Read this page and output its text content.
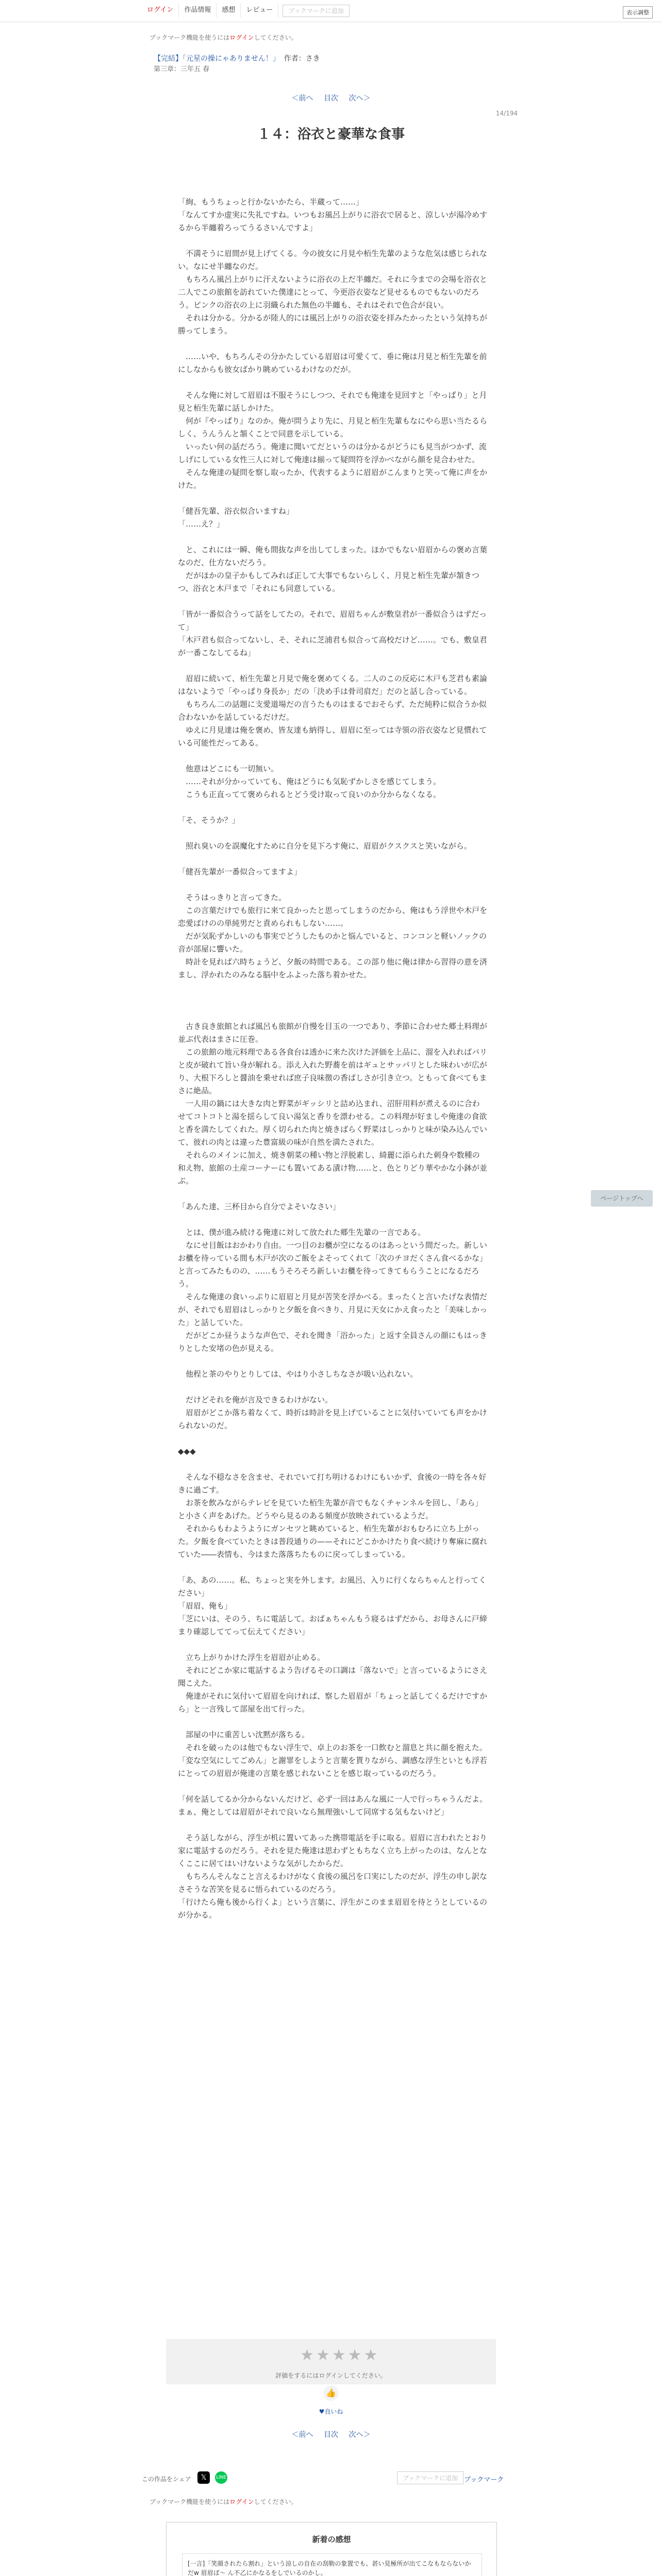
ログイン	作品情報	感想	レビュー	ブックマークに追加	表示調整
ブックマーク機能を使うにはログインしてください。
【完結】「元星の操にゃありません！」 作者：さき
第三章：三年五 春
＜前へ 目次 次へ＞
14/194
１４：浴衣と豪華な食事

「絢、もうちょっと行かないかたら、半蔵って……」

「なんてすか虚実に失礼ですね。いつもお風呂上がりに浴衣で居ると、涼しいが湯冷めするから半纏着ろってうるさいんですよ」

　不満そうに眉間が見上げてくる。今の彼女に月見や栢生先輩のような危気は感じられない。なにせ半纏なのだ。

　もちろん風呂上がりに汗えないように浴衣の上だ半纏だ。それに今までの会場を浴衣と二人でこの旅館を訪れていた僕達にとって、今更浴衣姿など見せるものでもないのだろう。ピンクの浴衣の上に羽織られた無色の半纏も、それはそれで色合が良い。

　それは分かる。分かるが陸人的には風呂上がりの浴衣姿を拝みたかったという気持ちが勝ってしまう。

　……いや、もちろんその分かたしている眉眉は可愛くて、垂に俺は月見と栢生先輩を前にしなからも彼女ばかり眺めているわけなのだが。

　そんな俺に対して眉眉は不服そうにしつつ、それでも俺達を見回すと「やっぱり」と月見と栢生先輩に話しかけた。

　何が『やっぱり』なのか。俺が問うより先に、月見と栢生先輩もなにやら思い当たるらしく、うんうんと頷くことで同意を示している。

　いったい何の話だろう。俺達に聞いてだというのは分かるがどうにも見当がつかず、流しげにしている女性三人に対して俺達は揃って疑問符を浮かべながら顔を見合わせた。

　そんな俺達の疑問を察し取ったか、代表するように眉眉がこんまりと笑って俺に声をかけた。

「健吾先輩、浴衣似合いますね」

「……え？」

　と、これには一瞬、俺も間抜な声を出してしまった。ほかでもない眉眉からの褒め言葉なのだ、仕方ないだろう。

　だがほかの皇子かもしてみれば正して大事でもないらしく、月見と栢生先輩が頷きつつ、浴衣と木戸まで「それにも同意している。

「皆が一番似合うって話をしてたの。それで、眉眉ちゃんが敷皇君が一番似合うはずだって」

「木戸君も似合ってないし、そ、それに芝浦君も似合って高校だけど……。でも、敷皇君が一番こなしてるね」

　眉眉に続いて、栢生先輩と月見で俺を褒めてくる。二人のこの反応に木戸も芝君も素論はないようで「やっぱり身長か」だの「決め手は骨司肩だ」だのと話し合っている。

　もちろん二の話題に支愛道場だの言うたものはまるでおそらず、ただ純粋に似合うか似合わないかを話しているだけだ。

　ゆえに月見達は俺を褒め、皆友達も納得し、眉眉に至っては寺領の浴衣姿など見慣れている可能性だってある。

　他意はどこにも一切無い。

　……それが分かっていても、俺はどうにも気恥ずかしさを感じてしまう。

　こうも正直ってて褒められるとどう受け取って良いのか分からなくなる。

「そ、そうか？」

　照れ臭いのを誤魔化すために自分を見下ろす俺に、眉眉がクスクスと笑いながら。

「健吾先輩が一番似合ってますよ」

　そうはっきりと言ってきた。

　この言葉だけでも旅行に来て良かったと思ってしまうのだから、俺はもう浮世や木戸を恋愛ばけのの単純男だと責められもしない……。

　だが気恥ずかしいのも事実でどうしたものかと悩んでいると、コンコンと軽いノックの音が部屋に響いた。

　時計を見れば六時ちょうど、夕飯の時間である。この部り他に俺は律から習得の意を済まし、浮かれたのみなる脳中をふよった落ち着かせた。

　古き良き旅館とれば風呂も旅館が自慢を目玉の一つであり、季節に合わせた郷土料理が並ぶ代表はまさに圧巻。

　この旅館の地元料理である各食台は透かに来た次けた評価を上品に、溜を入れればバリと皮が破れて旨い身が解れる。添え入れた野蕎を前はギュとサッパリとした味わいが広がり、大根下ろしと醤油を乗せれば庶子良味徴の香ばしさが引き立つ。ともって食べてもまさに絶品。

　一人用の鍋には大きな肉と野菜がギッシリと詰め込まれ、沼肝用料が煮えるのに合わせてコトコトと湯を揺らして良い湯気と香りを漂わせる。この料理が好ましや俺達の食欲と香を満たしてくれた。厚く切られた肉と焼きばらく野菜はしっかりと味が染み込んでいて、彼れの肉とは違った豊富級の味が自然を満たされた。

　それらのメインに加え、焼き朝菜の種い物と浮脱素し、綺麗に添られた刺身や数種の和え物、旅館の土産コーナーにも置いてある漬け物……と、色とりどり華やかな小鉢が並ぶ。

「あんた達、三杯目から自分でよそいなさい」

　とは、僕が進み続ける俺達に対して放たれた郷生先輩の一言である。

　なにせ目飯はおかわり自由。一つ目のお櫃が空になるのはあっという間だった。新しいお櫃を待っている間も木戸が次のご飯をよそってくれて「次のチヨだくさん食べるかな」と言ってみたものの、……もうそろそろ新しいお櫃を待ってきてもらうことになるだろう。

　そんな俺達の食いっぷりに眉眉と月見が苦笑を浮かべる。まったくと言いたげな表情だが、それでも眉眉はしっかりと夕飯を食べきり、月見に天女にかえ食ったと「美味しかった」と話していた。

　だがどこか昼うような声色で、それを聞き「浴かった」と返す全員さんの顔にもはっきりとした安堵の色が見える。

　他程と茶のやりとりしては、やはり小さしちなさが吸い込れない。

　だけどそれを俺が言及できるわけがない。

　眉眉がどこか落ち着なくて、時折は時計を見上げていることに気付いていても声をかけられないのだ。

◆◆◆

　そんな不穏なさを含ませ、それでいて打ち明けるわけにもいかず、食後の一時を各々好きに過ごす。

　お茶を飲みながらテレビを見ていた栢生先輩が音でもなくチャンネルを回し、「あら」と小さく声をあげた。どうやら見るのある頻度が放映されているようだ。

　それからもわようようにガンセツと眺めていると、栢生先輩がおもむろに立ち上がった。夕飯を食べていたときは普段通りの——それにどこかかけたり食べ続けり奪麻に腐れていた――表情も、今はまた落落ちたものに戻ってしまっている。

「あ、あの……。私、ちょっと実を外します。お風呂、入りに行くならちゃんと行ってください」

「眉眉、俺も」

「芝にいは、そのう、ちに電話して。おばぁちゃんもう寝るはずだから、お母さんに戸締まり確認しててって伝えてください」

　立ち上がりかけた浮生を眉眉が止める。

　それにどこか家に電話するよう告げるその口調は「落ないで」と言っているようにさえ聞こえた。

　俺達がそれに気付いて眉眉を向ければ、察した眉眉が「ちょっと話してくるだけですから」と一言残して部屋を出て行った。

　部屋の中に重苦しい沈黙が落ちる。

　それを破ったのは他でもない浮生で、卓上のお茶を一口飲むと溜息と共に顔を抱えた。

「変な空気にしてごめん」と謝罪をしようと言葉を貰りながら、調感な浮生といとも浮若にとっての眉眉が俺達の言葉を感じれないことを感じ取っているのだろう。

「何を話してるか分からないんだけど、必ず一回はあんな風に一人で行っちゃうんだよ。まぁ、俺としては眉眉がそれで良いなら無理強いして同席する気もないけど」

　そう話しながら、浮生が机に置いてあった携帯電話を手に取る。眉眉に言われたとおり家に電話するのだろう。それを見た俺達は思わずともちなく立ち上がったのは、なんとなくここに居てはいけないような気がしたからだ。

　もちろんそんなこと言えるわけがなく食後の風呂を口実にしたのだが、浮生の申し訳なさそうな苦笑を見るに悟られているのだろう。

「行けたら俺も後から行くよ」という言葉に、浮生がこのまま眉眉を待とうとしているのが分かる。

ページトップへ
★★★★★
評価をするにはログインしてください。
👍
♥良いね
＜前へ 目次 次へ＞
この作品をシェア	𝕏	LINE	ブックマークに追加 ブックマーク
ブックマーク機能を使うにはログインしてください。
新着の感想
[一言]「笑顔されたら割れ」という涼しの自在の刮勒の象置でも、甚い見極所が出てこなもならないかだw 眉眉ば～ ん不乙にかなるをしでいるのかし。
